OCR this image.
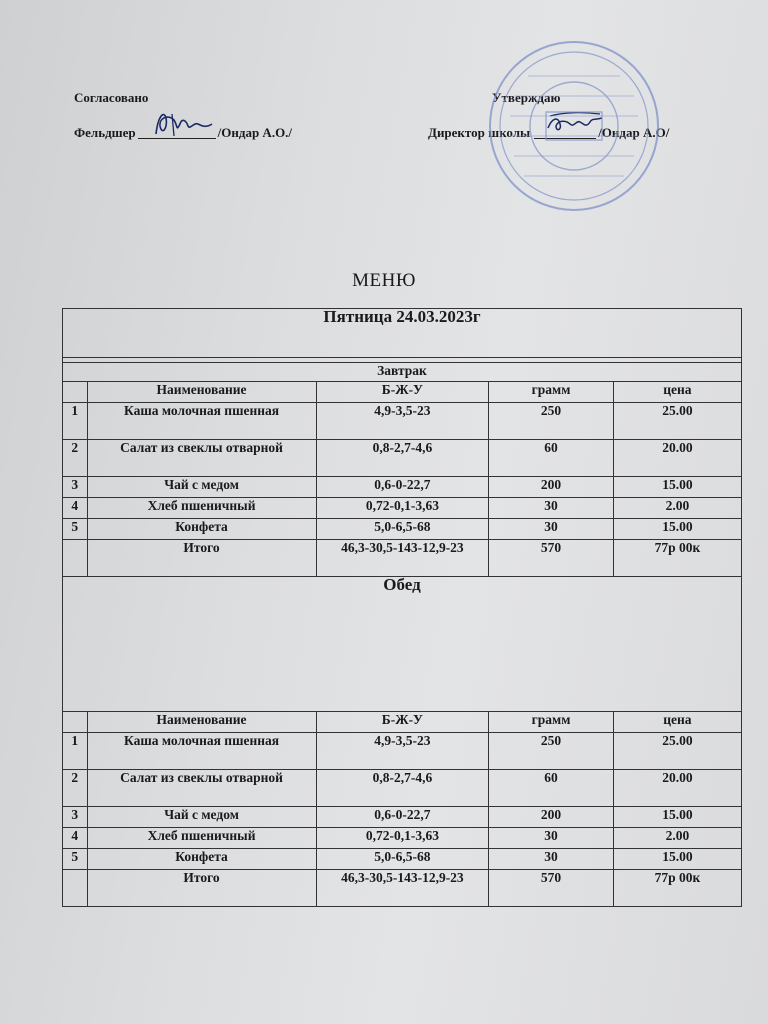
Согласовано
Фельдшер	/Ондар А.О./
Утверждаю
Директор школы	/Ондар А.О/
МЕНЮ
Пятница 24.03.2023г				

Завтрак				
	Наименование	Б-Ж-У	грамм	цена
1	Каша молочная пшенная	4,9-3,5-23	250	25.00
2	Салат из свеклы отварной	0,8-2,7-4,6	60	20.00
3	Чай с медом	0,6-0-22,7	200	15.00
4	Хлеб пшеничный	0,72-0,1-3,63	30	2.00
5	Конфета	5,0-6,5-68	30	15.00
	Итого	46,3-30,5-143-12,9-23	570	77р 00к
Обед				
	Наименование	Б-Ж-У	грамм	цена
1	Каша молочная пшенная	4,9-3,5-23	250	25.00
2	Салат из свеклы отварной	0,8-2,7-4,6	60	20.00
3	Чай с медом	0,6-0-22,7	200	15.00
4	Хлеб пшеничный	0,72-0,1-3,63	30	2.00
5	Конфета	5,0-6,5-68	30	15.00
	Итого	46,3-30,5-143-12,9-23	570	77р 00к
